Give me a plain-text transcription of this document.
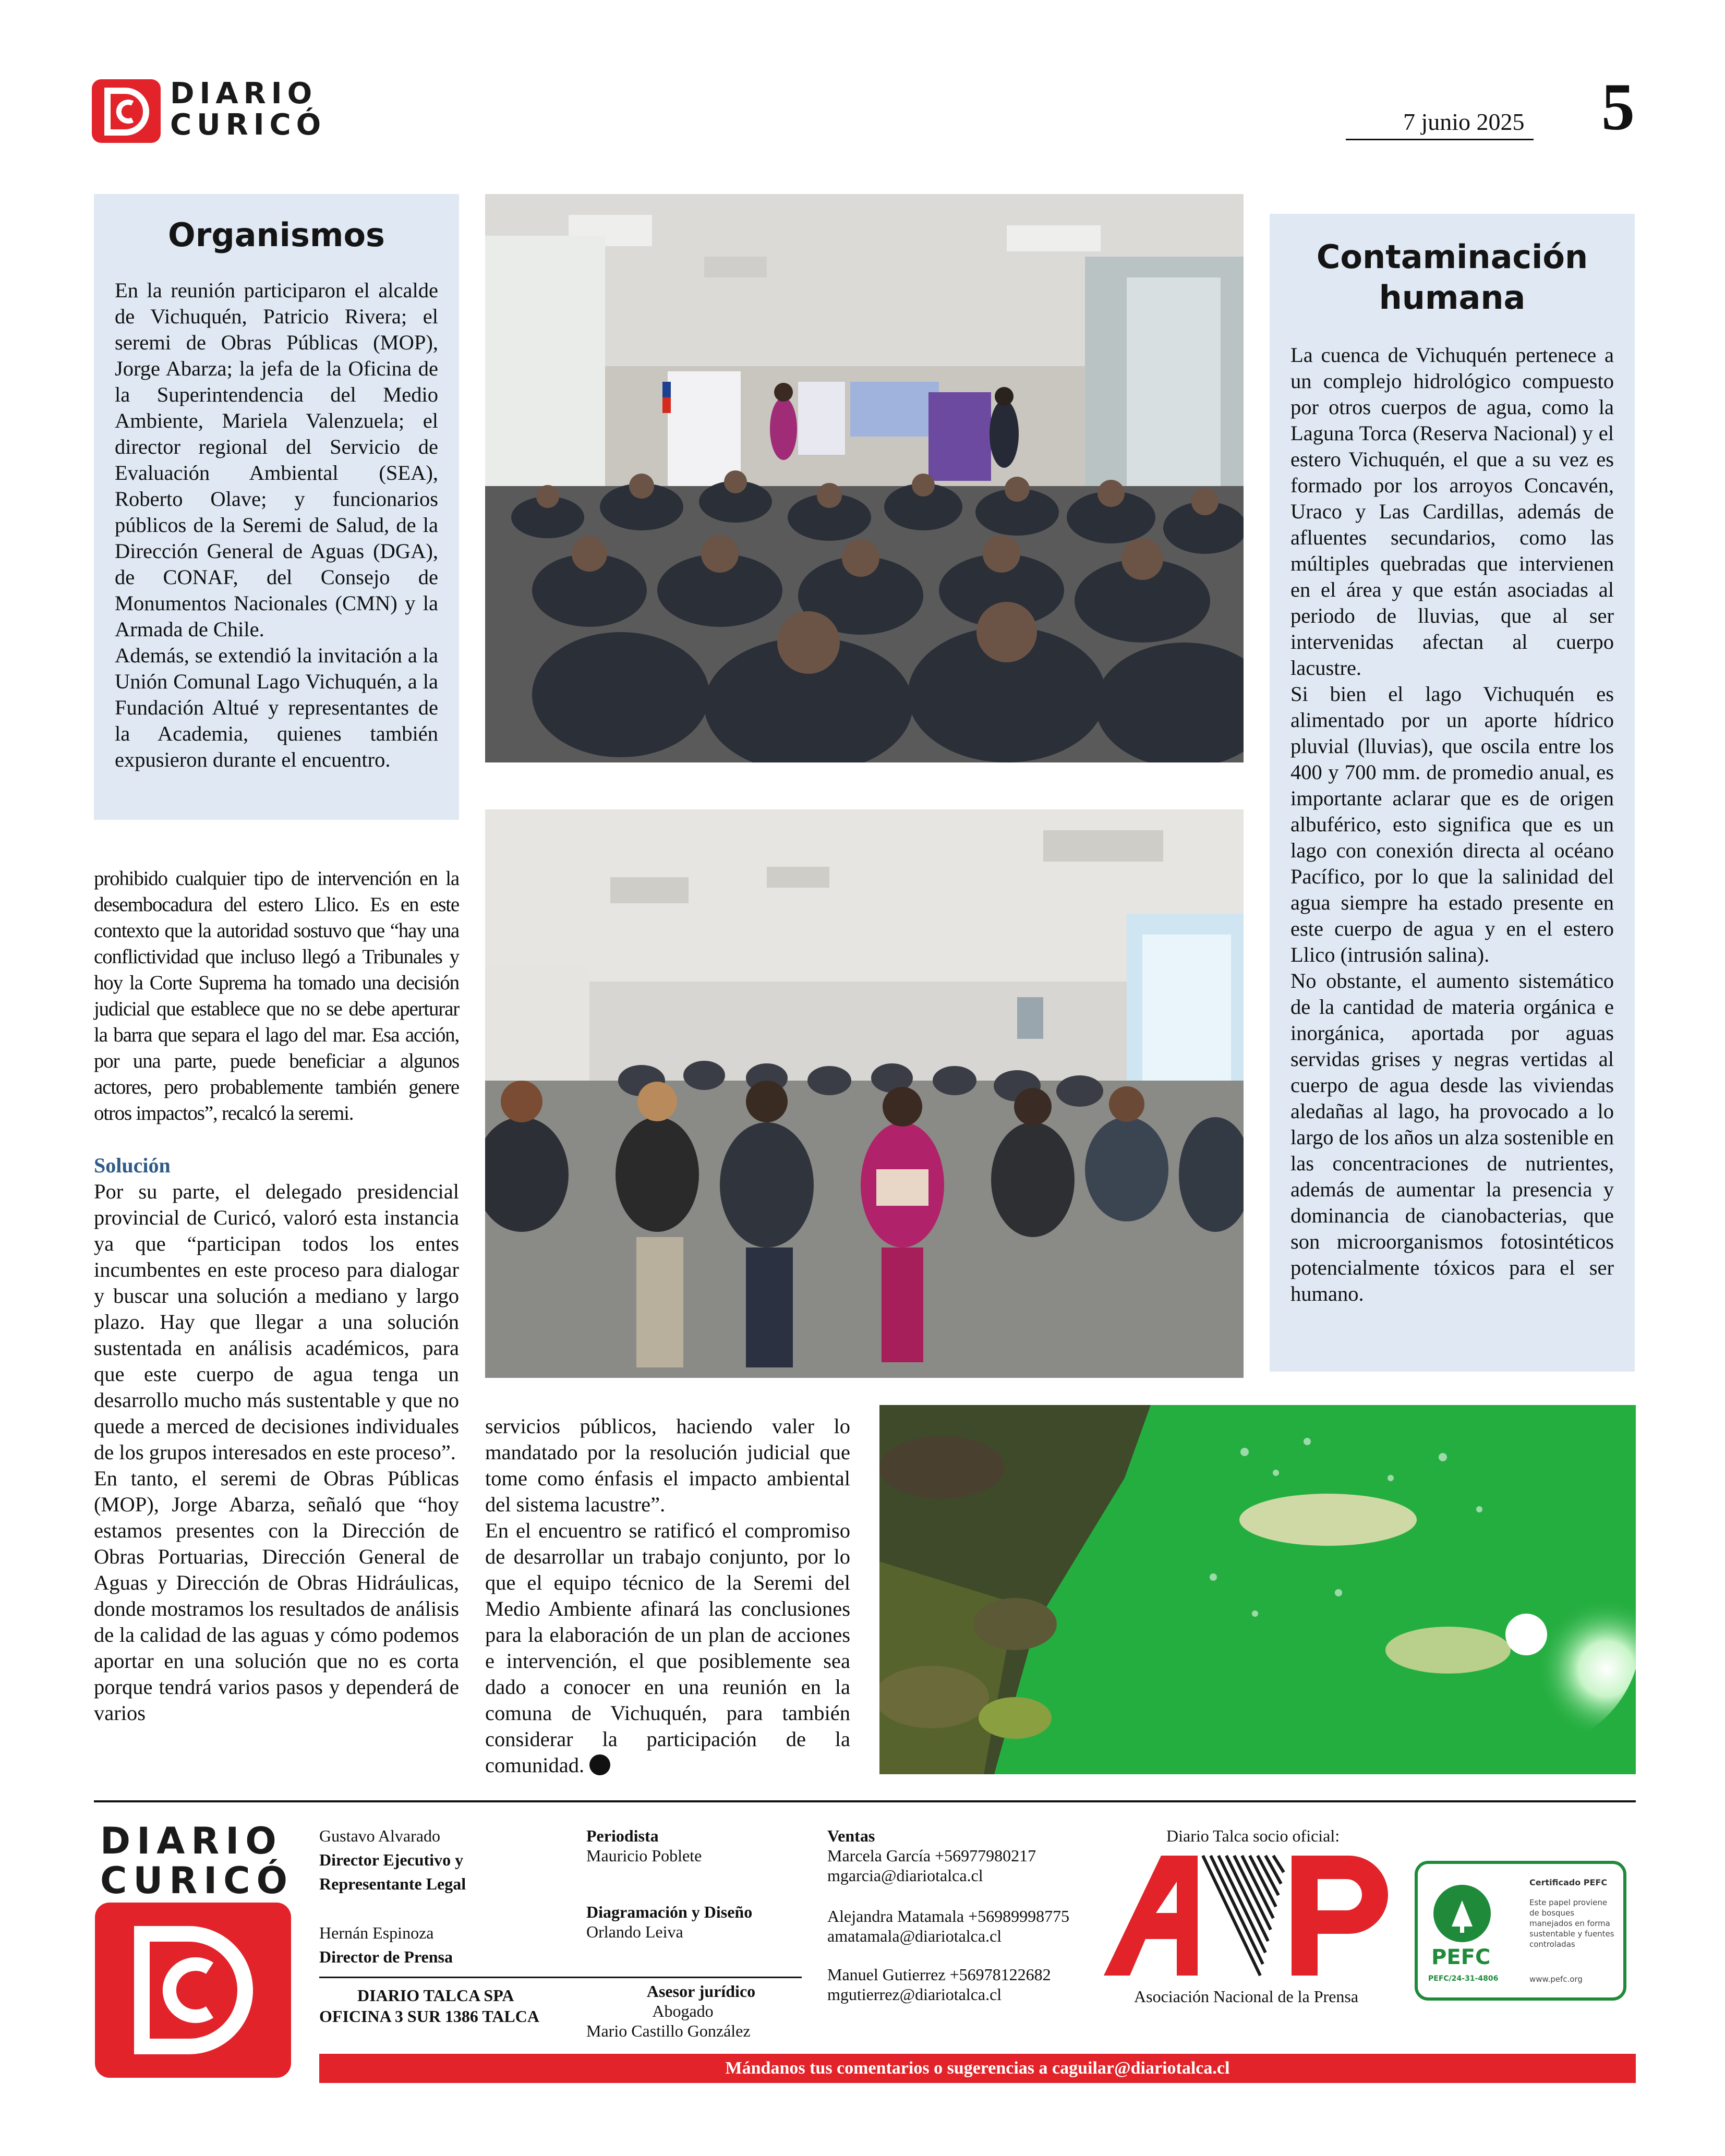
DIARIO
CURICÓ	7 junio 2025 5
Organismos

En la reunión participaron el alcalde de Vichuquén, Patricio Rivera; el seremi de Obras Públicas (MOP), Jorge Abarza; la jefa de la Oficina de la Superintendencia del Medio Ambiente, Mariela Valenzuela; el director regional del Servicio de Evaluación Ambiental (SEA), Roberto Olave; y funcionarios públicos de la Seremi de Salud, de la Dirección General de Aguas (DGA), de CONAF, del Consejo de Monumentos Nacionales (CMN) y la Armada de Chile.

Además, se extendió la invitación a la Unión Comunal Lago Vichuquén, a la Fundación Altué y representantes de la Academia, quienes también expusieron durante el encuentro.

Contaminación
humana

La cuenca de Vichuquén pertenece a un complejo hidrológico compuesto por otros cuerpos de agua, como la Laguna Torca (Reserva Nacional) y el estero Vichuquén, el que a su vez es formado por los arroyos Concavén, Uraco y Las Cardillas, además de afluentes secundarios, como las múltiples quebradas que intervienen en el área y que están asociadas al periodo de lluvias, que al ser intervenidas afectan al cuerpo lacustre.

Si bien el lago Vichuquén es alimentado por un aporte hídrico pluvial (lluvias), que oscila entre los 400 y 700 mm. de promedio anual, es importante aclarar que es de origen albuférico, esto significa que es un lago con conexión directa al océano Pacífico, por lo que la salinidad del agua siempre ha estado presente en este cuerpo de agua y en el estero Llico (intrusión salina).

No obstante, el aumento sistemático de la cantidad de materia orgánica e inorgánica, aportada por aguas servidas grises y negras vertidas al cuerpo de agua desde las viviendas aledañas al lago, ha provocado a lo largo de los años un alza sostenible en las concentraciones de nutrientes, además de aumentar la presencia y dominancia de cianobacterias, que son microorganismos fotosintéticos potencialmente tóxicos para el ser humano.

prohibido cualquier tipo de intervención en la desembocadura del estero Llico. Es en este contexto que la autoridad sostuvo que “hay una conflictividad que incluso llegó a Tribunales y hoy la Corte Suprema ha tomado una decisión judicial que establece que no se debe aperturar la barra que separa el lago del mar. Esa acción, por una parte, puede beneficiar a algunos actores, pero probablemente también genere otros impactos”, recalcó la seremi.

Solución

Por su parte, el delegado presidencial provincial de Curicó, valoró esta instancia ya que “participan todos los entes incumbentes en este proceso para dialogar y buscar una solución a mediano y largo plazo. Hay que llegar a una solución sustentada en análisis académicos, para que este cuerpo de agua tenga un desarrollo mucho más sustentable y que no quede a merced de decisiones individuales de los grupos interesados en este proceso”.

En tanto, el seremi de Obras Públicas (MOP), Jorge Abarza, señaló que “hoy estamos presentes con la Dirección de Obras Portuarias, Dirección General de Aguas y Dirección de Obras Hidráulicas, donde mostramos los resultados de análisis de la calidad de las aguas y cómo podemos aportar en una solución que no es corta porque tendrá varios pasos y dependerá de varios

servicios públicos, haciendo valer lo mandatado por la resolución judicial que tome como énfasis el impacto ambiental del sistema lacustre”.

En el encuentro se ratificó el compromiso de desarrollar un trabajo conjunto, por lo que el equipo técnico de la Seremi del Medio Ambiente afinará las conclusiones para la elaboración de un plan de acciones e intervención, el que posiblemente sea dado a conocer en una reunión en la comuna de Vichuquén, para también considerar la participación de la comunidad.

DIARIO
CURICÓ
Gustavo Alvarado
Director Ejecutivo y
Representante Legal
Hernán Espinoza
Director de Prensa
DIARIO TALCA SPA
OFICINA 3 SUR 1386 TALCA
Periodista
Mauricio Poblete
Diagramación y Diseño
Orlando Leiva
Asesor jurídico
Abogado
Mario Castillo González
Ventas
Marcela García +56977980217
mgarcia@diariotalca.cl
Alejandra Matamala +56989998775
amatamala@diariotalca.cl
Manuel Gutierrez +56978122682
mgutierrez@diariotalca.cl
Diario Talca socio oficial:
Asociación Nacional de la Prensa
PEFC
PEFC/24-31-4806
Certificado PEFC
Este papel proviene de bosques manejados en forma sustentable y fuentes controladas
www.pefc.org
Mándanos tus comentarios o sugerencias a caguilar@diariotalca.cl
